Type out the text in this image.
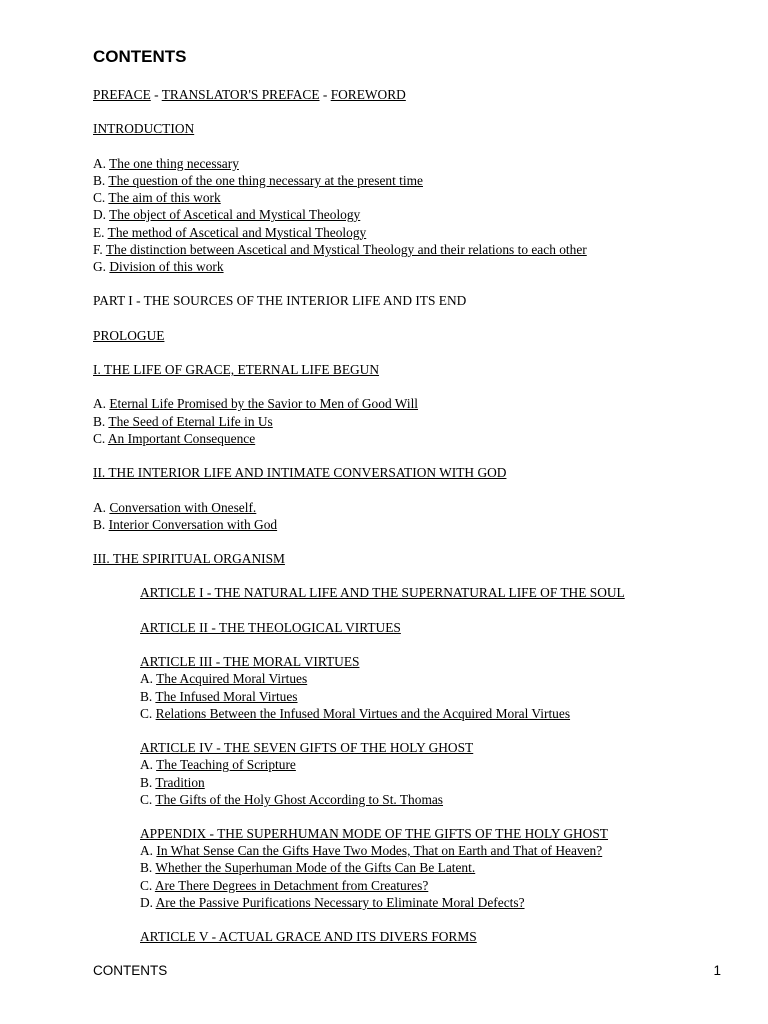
CONTENTS
PREFACE - TRANSLATOR'S PREFACE - FOREWORD
INTRODUCTION
A. The one thing necessary
B. The question of the one thing necessary at the present time
C. The aim of this work
D. The object of Ascetical and Mystical Theology
E. The method of Ascetical and Mystical Theology
F. The distinction between Ascetical and Mystical Theology and their relations to each other
G. Division of this work
PART I - THE SOURCES OF THE INTERIOR LIFE AND ITS END
PROLOGUE
I. THE LIFE OF GRACE, ETERNAL LIFE BEGUN
A. Eternal Life Promised by the Savior to Men of Good Will
B. The Seed of Eternal Life in Us
C. An Important Consequence
II. THE INTERIOR LIFE AND INTIMATE CONVERSATION WITH GOD
A. Conversation with Oneself.
B. Interior Conversation with God
III. THE SPIRITUAL ORGANISM
ARTICLE I - THE NATURAL LIFE AND THE SUPERNATURAL LIFE OF THE SOUL
ARTICLE II - THE THEOLOGICAL VIRTUES
ARTICLE III - THE MORAL VIRTUES
A. The Acquired Moral Virtues
B. The Infused Moral Virtues
C. Relations Between the Infused Moral Virtues and the Acquired Moral Virtues
ARTICLE IV - THE SEVEN GIFTS OF THE HOLY GHOST
A. The Teaching of Scripture
B. Tradition
C. The Gifts of the Holy Ghost According to St. Thomas
APPENDIX - THE SUPERHUMAN MODE OF THE GIFTS OF THE HOLY GHOST
A. In What Sense Can the Gifts Have Two Modes, That on Earth and That of Heaven?
B. Whether the Superhuman Mode of the Gifts Can Be Latent.
C. Are There Degrees in Detachment from Creatures?
D. Are the Passive Purifications Necessary to Eliminate Moral Defects?
ARTICLE V - ACTUAL GRACE AND ITS DIVERS FORMS
CONTENTS	1
